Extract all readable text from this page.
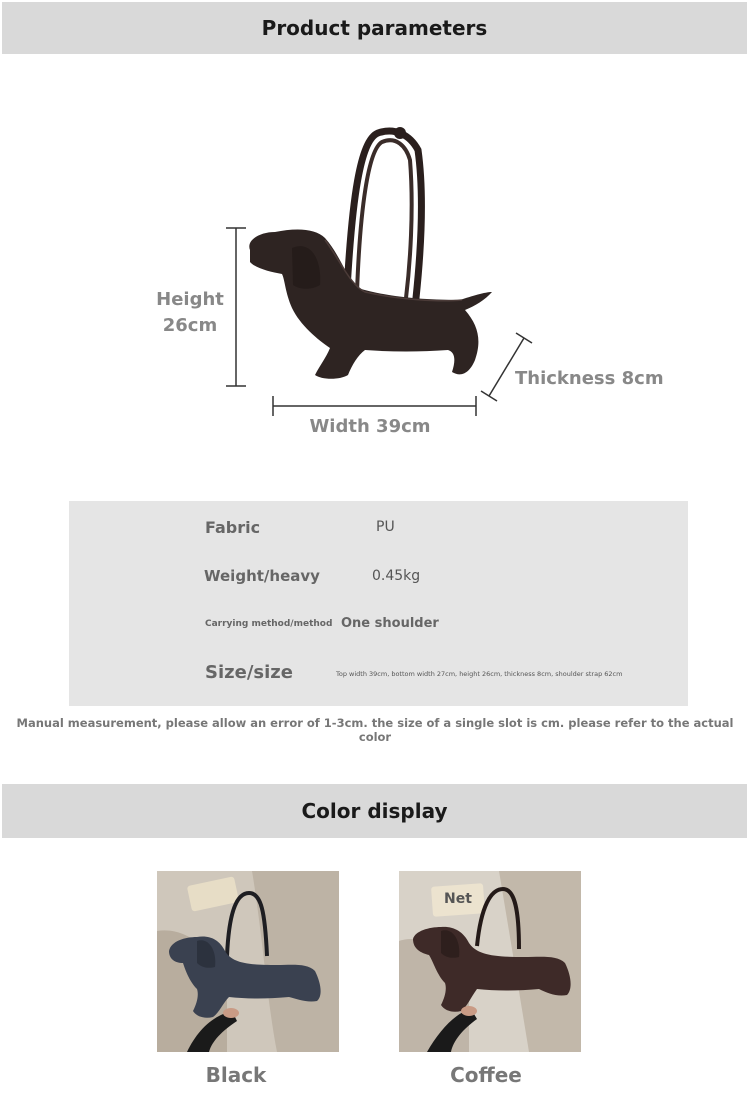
Product parameters
Height
26cm
Width 39cm
Thickness 8cm
Fabric	PU
Weight/heavy	0.45kg
Carrying method/method One shoulder
Size/size	Top width 39cm, bottom width 27cm, height 26cm, thickness 8cm, shoulder strap 62cm
Manual measurement, please allow an error of 1-3cm. the size of a single slot is cm. please refer to the actual color
Color display
Black
Net
Coffee
